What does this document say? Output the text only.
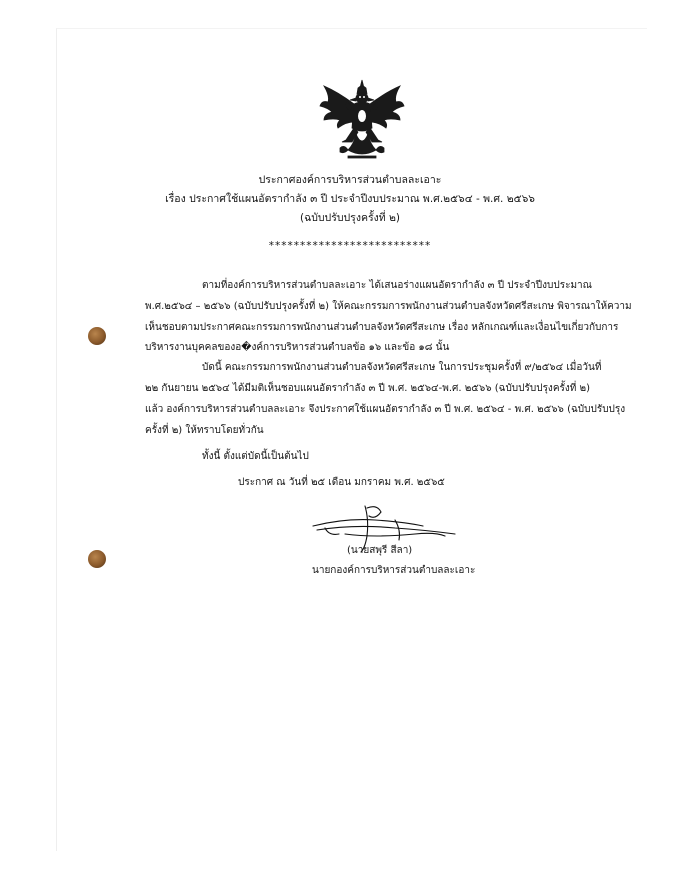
ประกาศองค์การบริหารส่วนตำบลละเอาะ
เรื่อง ประกาศใช้แผนอัตรากำลัง ๓ ปี ประจำปีงบประมาณ พ.ศ.๒๕๖๔ - พ.ศ. ๒๕๖๖
(ฉบับปรับปรุงครั้งที่ ๒)
**************************
ตามที่องค์การบริหารส่วนตำบลละเอาะ ได้เสนอร่างแผนอัตรากำลัง ๓ ปี ประจำปีงบประมาณ
พ.ศ.๒๕๖๔ – ๒๕๖๖ (ฉบับปรับปรุงครั้งที่ ๒) ให้คณะกรรมการพนักงานส่วนตำบลจังหวัดศรีสะเกษ พิจารณาให้ความ
เห็นชอบตามประกาศคณะกรรมการพนักงานส่วนตำบลจังหวัดศรีสะเกษ เรื่อง หลักเกณฑ์และเงื่อนไขเกี่ยวกับการ
บริหารงานบุคคลของอ�งค์การบริหารส่วนตำบลข้อ ๑๖ และข้อ ๑๘ นั้น
บัดนี้ คณะกรรมการพนักงานส่วนตำบลจังหวัดศรีสะเกษ ในการประชุมครั้งที่ ๙/๒๕๖๔ เมื่อวันที่
๒๒ กันยายน ๒๕๖๔ ได้มีมติเห็นชอบแผนอัตรากำลัง ๓ ปี พ.ศ. ๒๕๖๔-พ.ศ. ๒๕๖๖ (ฉบับปรับปรุงครั้งที่ ๒)
แล้ว องค์การบริหารส่วนตำบลละเอาะ จึงประกาศใช้แผนอัตรากำลัง ๓ ปี พ.ศ. ๒๕๖๔ - พ.ศ. ๒๕๖๖ (ฉบับปรับปรุง
ครั้งที่ ๒) ให้ทราบโดยทั่วกัน
ทั้งนี้ ตั้งแต่บัดนี้เป็นต้นไป
ประกาศ ณ วันที่ ๒๕ เดือน มกราคม พ.ศ. ๒๕๖๕
(นายสพุรี สีลา)
นายกองค์การบริหารส่วนตำบลละเอาะ
